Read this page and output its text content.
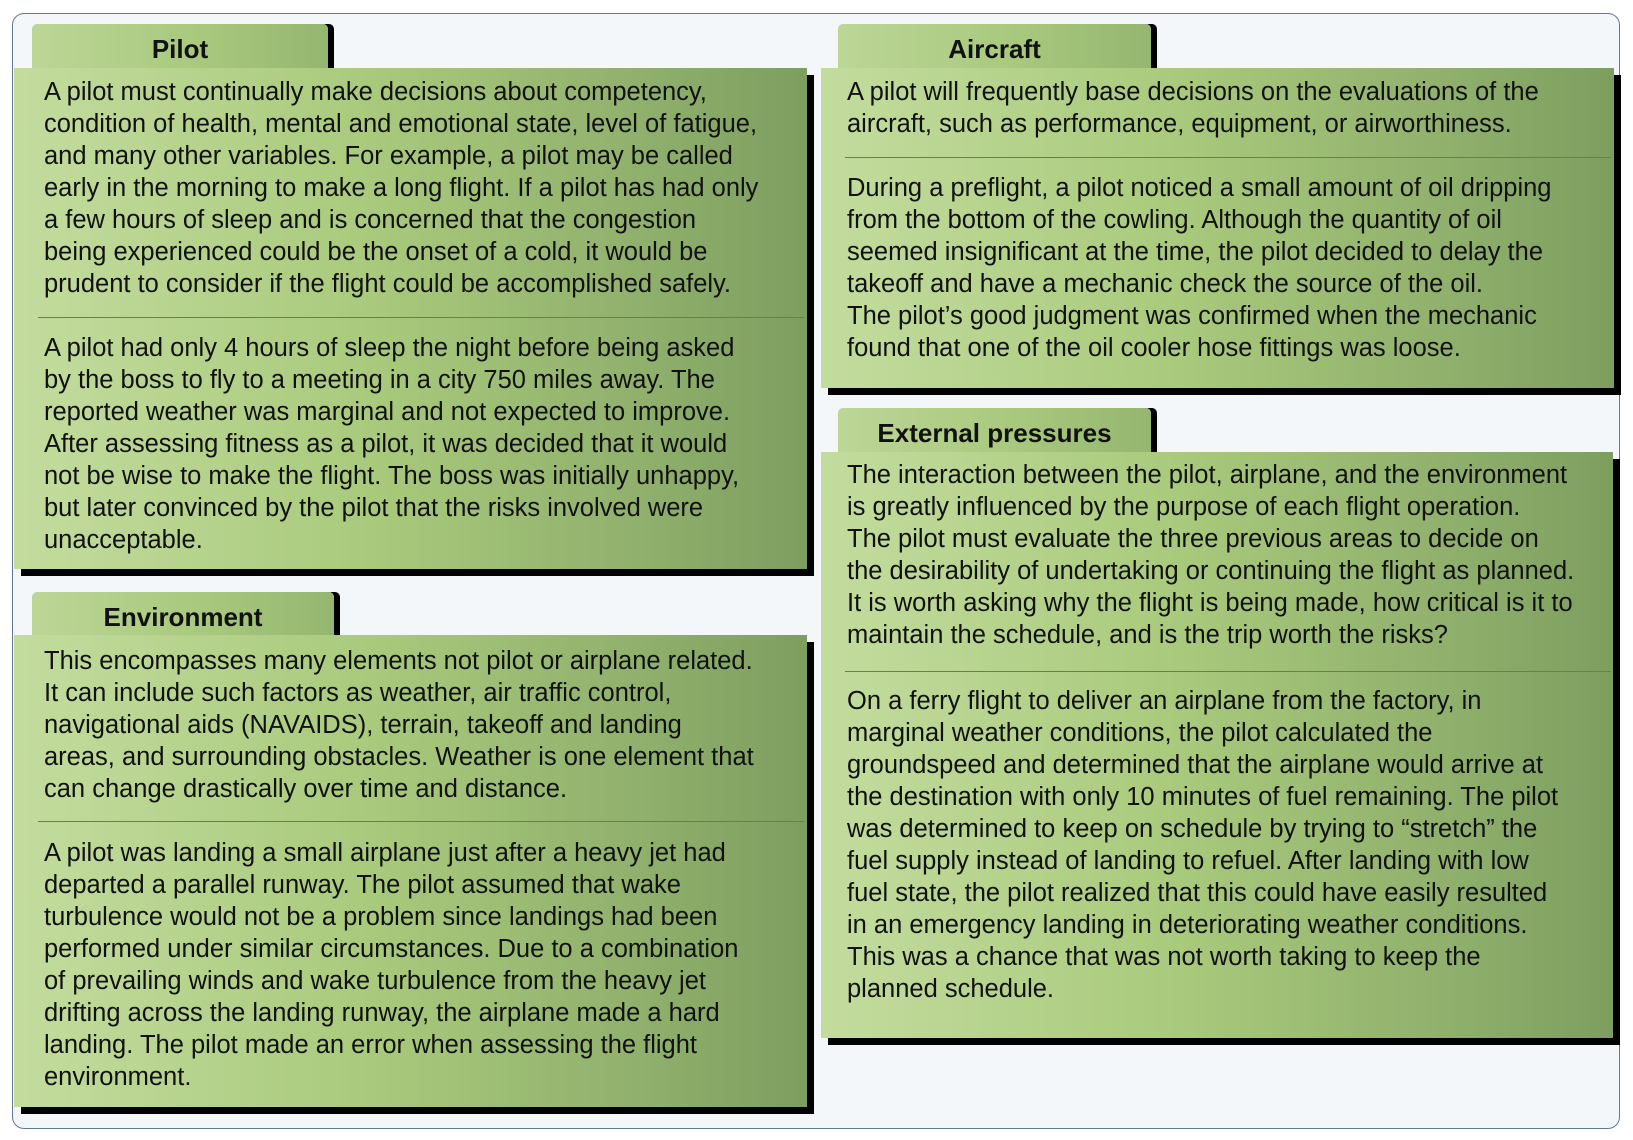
Pilot
A pilot must continually make decisions about competency,
condition of health, mental and emotional state, level of fatigue,
and many other variables. For example, a pilot may be called
early in the morning to make a long flight. If a pilot has had only
a few hours of sleep and is concerned that the congestion
being experienced could be the onset of a cold, it would be
prudent to consider if the flight could be accomplished safely.
A pilot had only 4 hours of sleep the night before being asked
by the boss to fly to a meeting in a city 750 miles away. The
reported weather was marginal and not expected to improve.
After assessing fitness as a pilot, it was decided that it would
not be wise to make the flight. The boss was initially unhappy,
but later convinced by the pilot that the risks involved were
unacceptable.
Environment
This encompasses many elements not pilot or airplane related.
It can include such factors as weather, air traffic control,
navigational aids (NAVAIDS), terrain, takeoff and landing
areas, and surrounding obstacles. Weather is one element that
can change drastically over time and distance.
A pilot was landing a small airplane just after a heavy jet had
departed a parallel runway. The pilot assumed that wake
turbulence would not be a problem since landings had been
performed under similar circumstances. Due to a combination
of prevailing winds and wake turbulence from the heavy jet
drifting across the landing runway, the airplane made a hard
landing. The pilot made an error when assessing the flight
environment.
Aircraft
A pilot will frequently base decisions on the evaluations of the
aircraft, such as performance, equipment, or airworthiness.
During a preflight, a pilot noticed a small amount of oil dripping
from the bottom of the cowling. Although the quantity of oil
seemed insignificant at the time, the pilot decided to delay the
takeoff and have a mechanic check the source of the oil.
The pilot’s good judgment was confirmed when the mechanic
found that one of the oil cooler hose fittings was loose.
External pressures
The interaction between the pilot, airplane, and the environment
is greatly influenced by the purpose of each flight operation.
The pilot must evaluate the three previous areas to decide on
the desirability of undertaking or continuing the flight as planned.
It is worth asking why the flight is being made, how critical is it to
maintain the schedule, and is the trip worth the risks?
On a ferry flight to deliver an airplane from the factory, in
marginal weather conditions, the pilot calculated the
groundspeed and determined that the airplane would arrive at
the destination with only 10 minutes of fuel remaining. The pilot
was determined to keep on schedule by trying to “stretch” the
fuel supply instead of landing to refuel. After landing with low
fuel state, the pilot realized that this could have easily resulted
in an emergency landing in deteriorating weather conditions.
This was a chance that was not worth taking to keep the
planned schedule.
